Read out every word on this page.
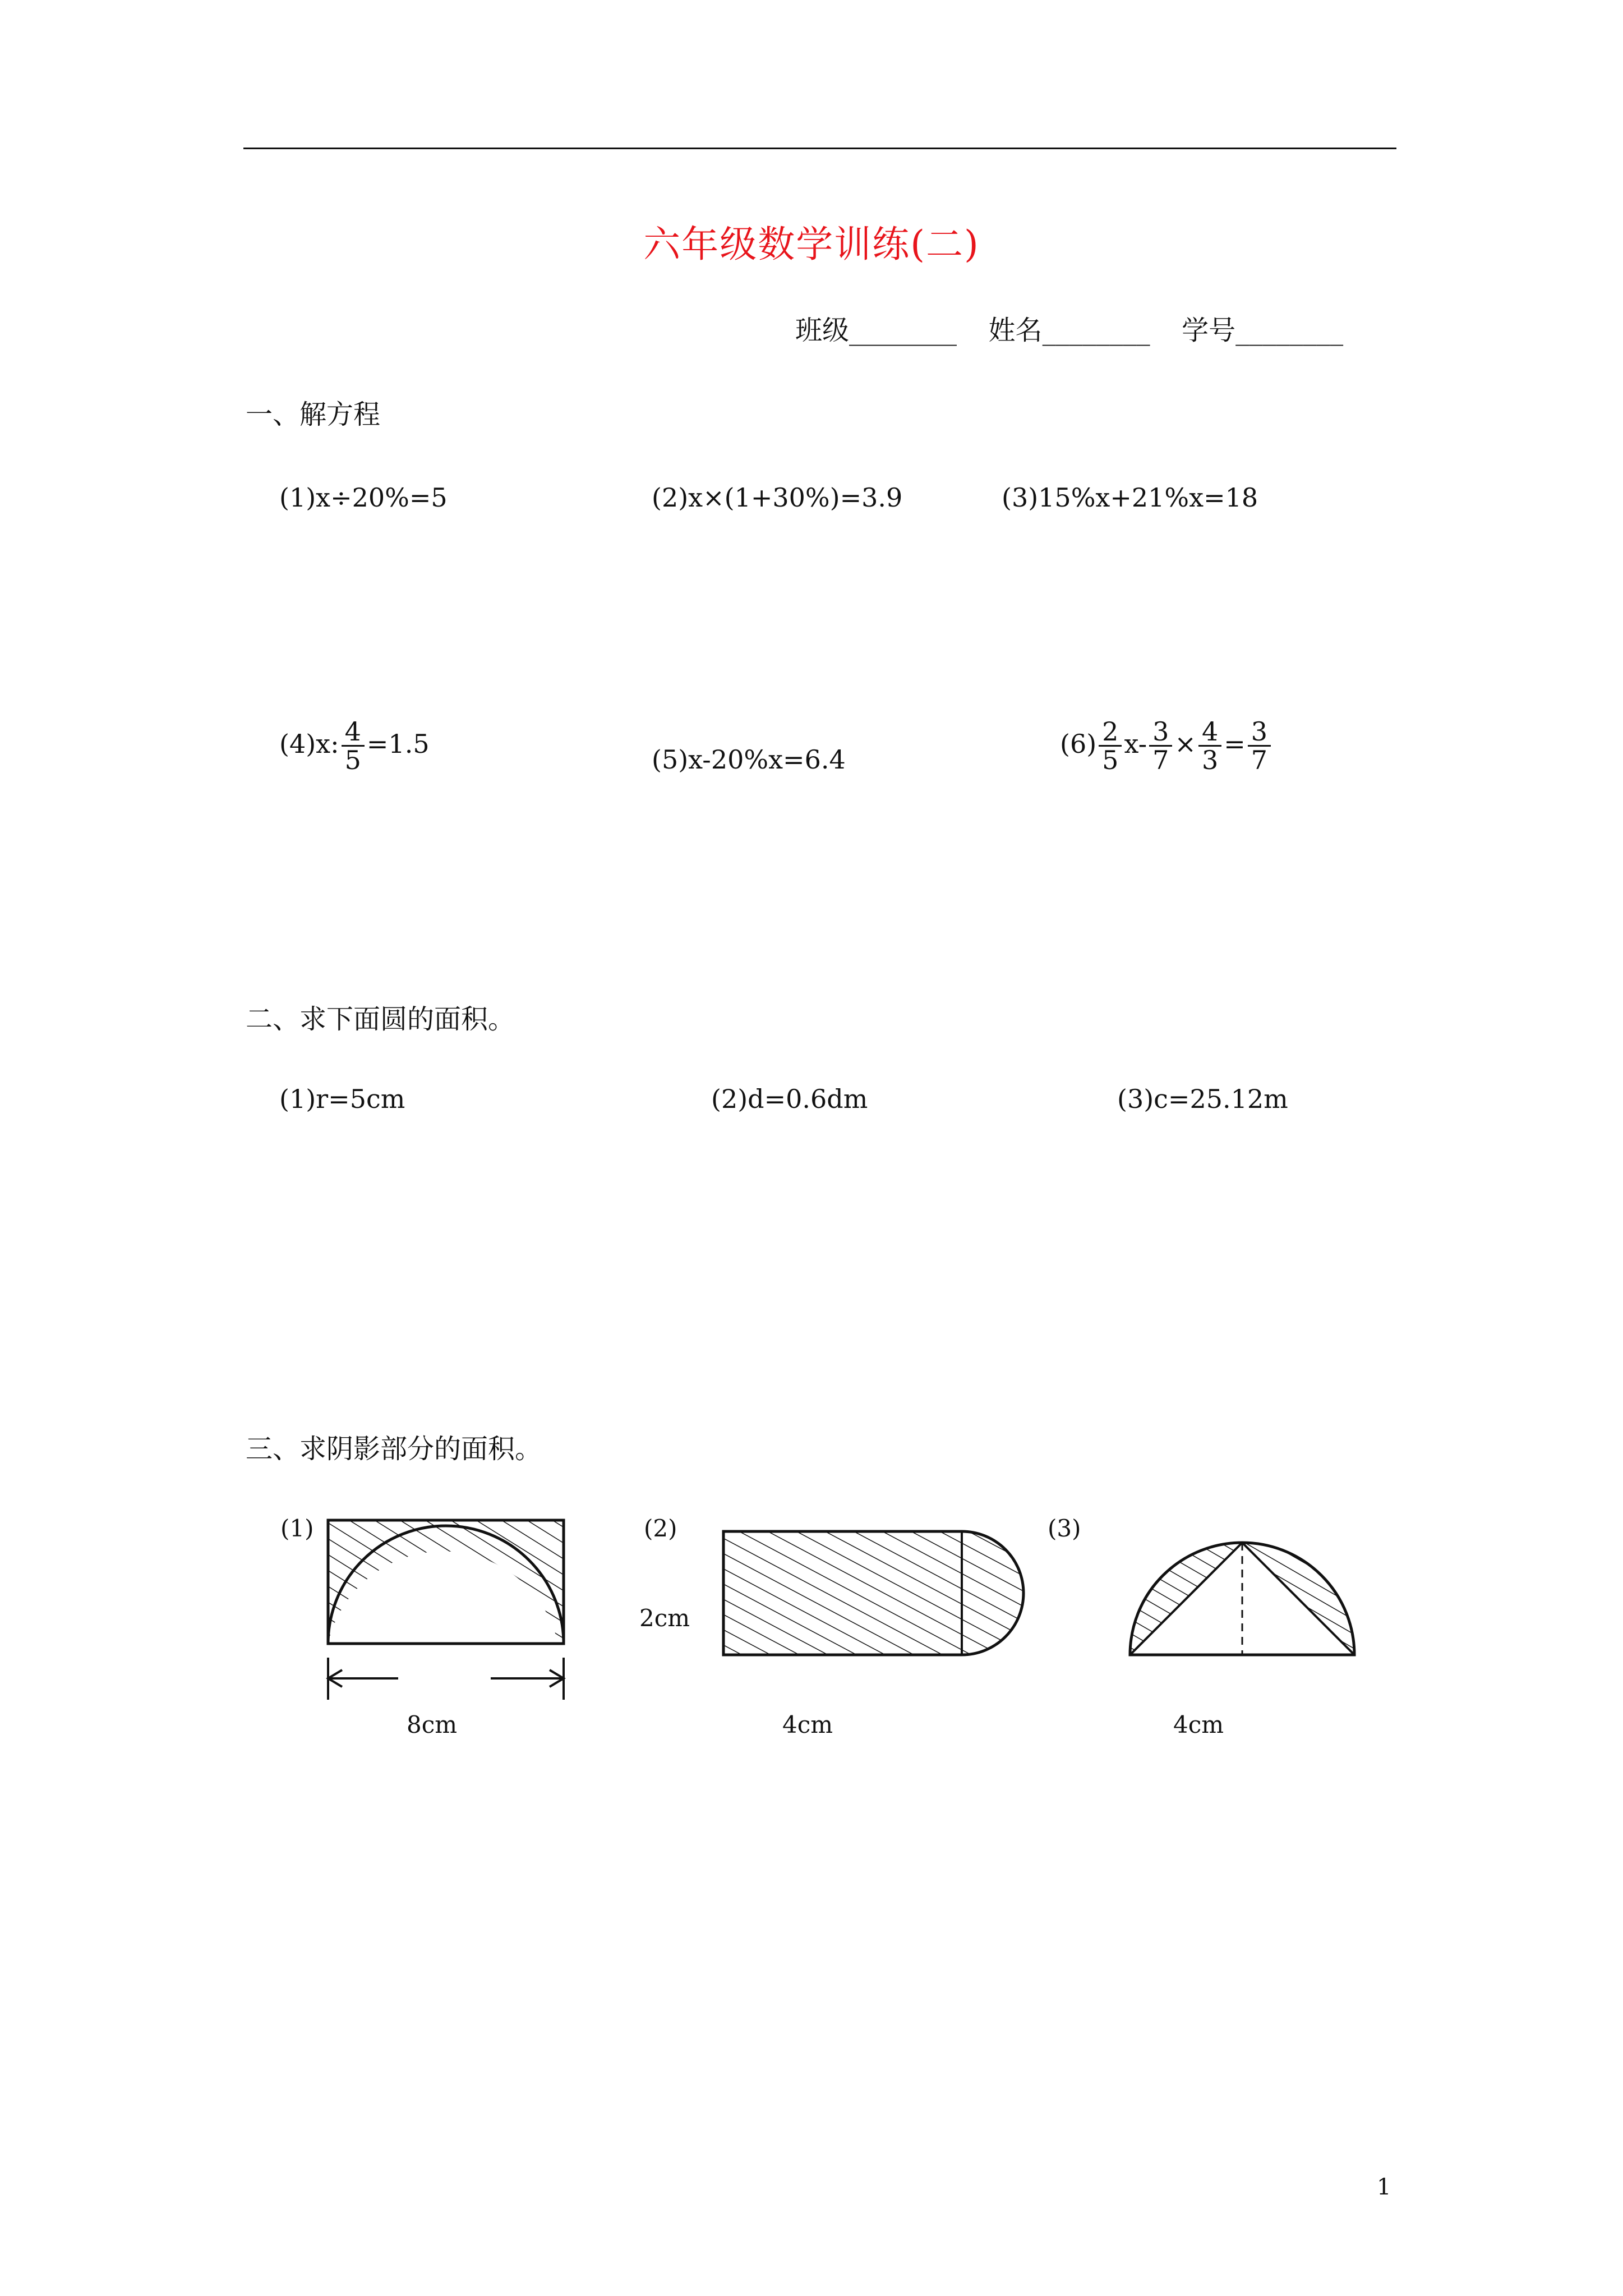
六年级数学训练(二)
班级________ 姓名________ 学号________
一、解方程
(1)x÷20%=5	(2)x×(1+30%)=3.9	(3)15%x+21%x=18
(4)x: $\frac{4}{5} =1.5$
(5)x-20%x=6.4
$(6) \frac{2}{5} x- \frac{3}{7} \times \frac{4}{3} = \frac{3}{7}$
二、求下面圆的面积。
(1)r=5cm	(2)d=0.6dm	(3)c=25.12m
三、求阴影部分的面积。
(1)
8cm
(2)
2cm
4cm
(3)
4cm
1
